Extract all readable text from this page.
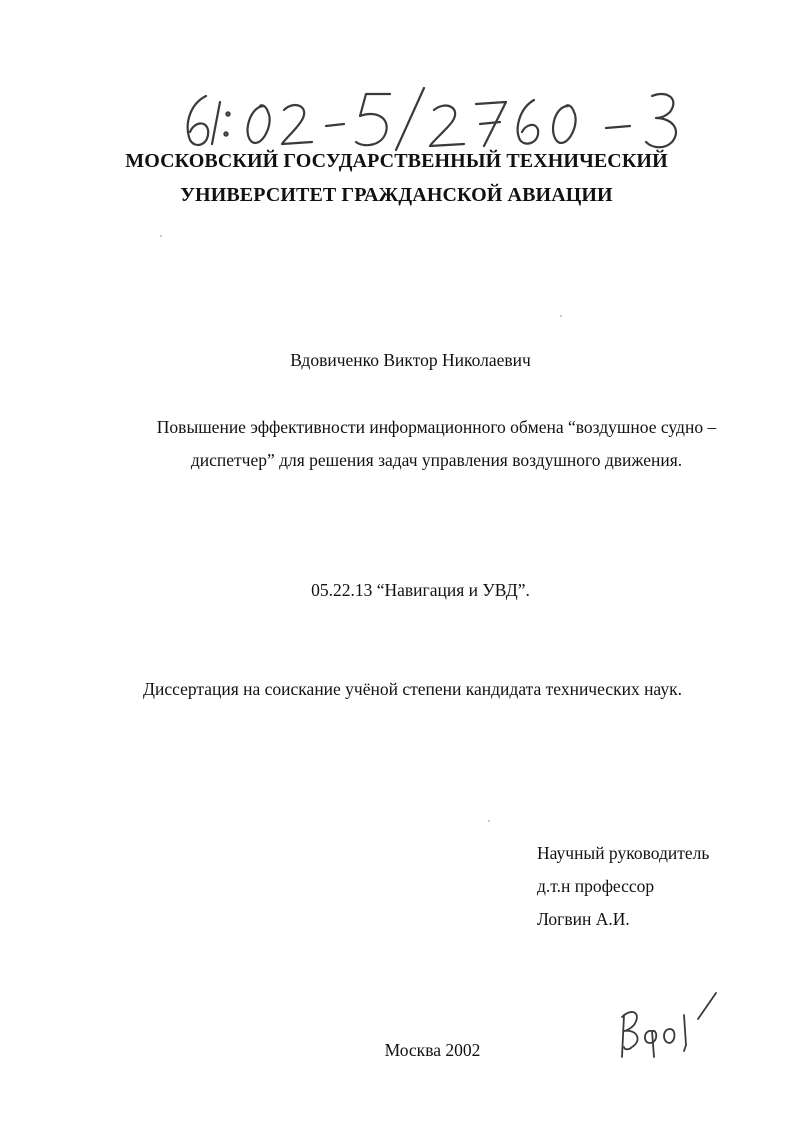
МОСКОВСКИЙ ГОСУДАРСТВЕННЫЙ ТЕХНИЧЕСКИЙ
УНИВЕРСИТЕТ ГРАЖДАНСКОЙ АВИАЦИИ
Вдовиченко Виктор Николаевич
Повышение эффективности информационного обмена “воздушное судно –
диспетчер” для решения задач управления воздушного движения.
05.22.13 “Навигация и УВД”.
Диссертация на соискание учёной степени кандидата технических наук.
Научный руководитель
д.т.н профессор
Логвин А.И.
Москва 2002
